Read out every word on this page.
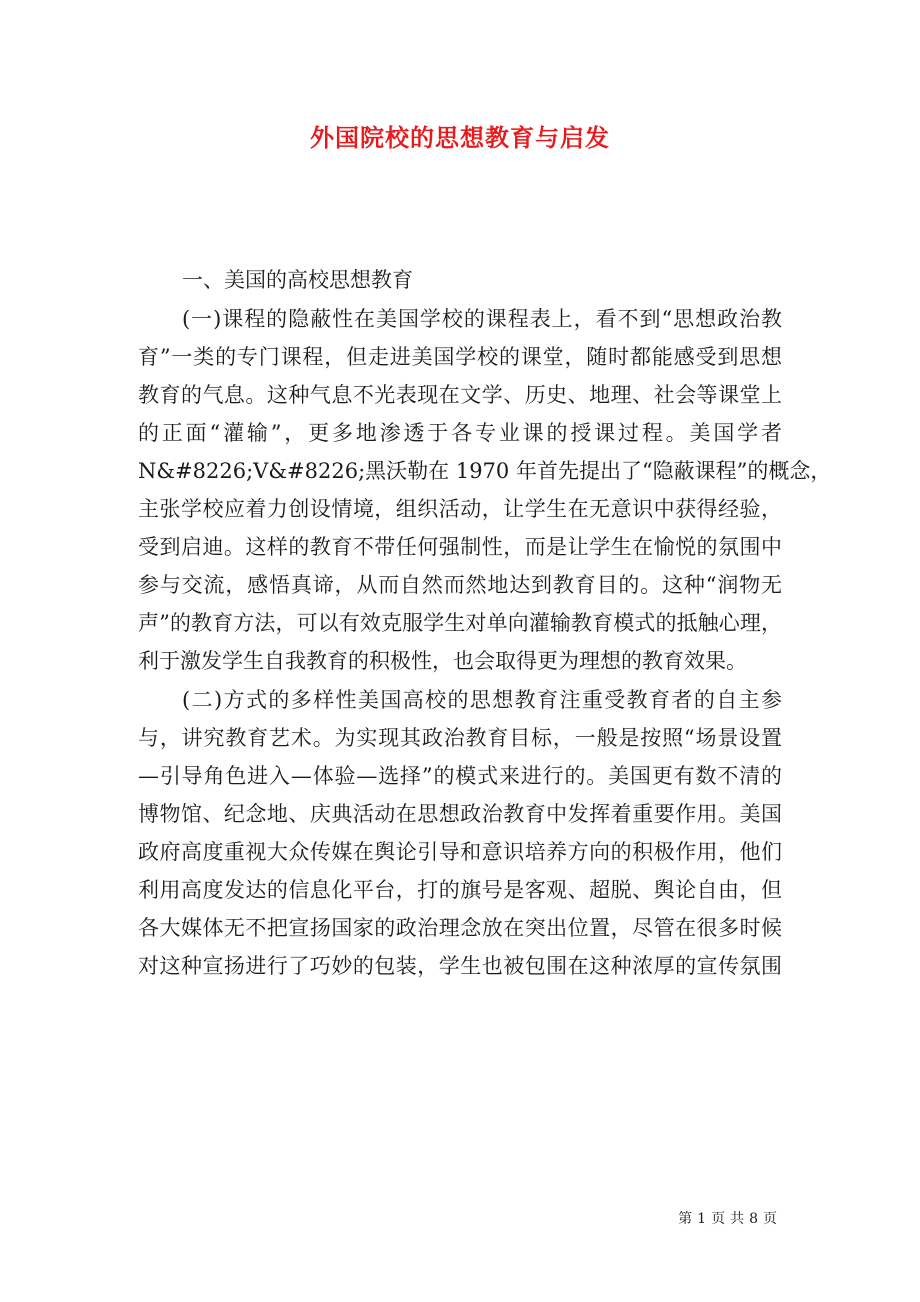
外国院校的思想教育与启发

一、美国的高校思想教育

(一)课程的隐蔽性在美国学校的课程表上，看不到“思想政治教
育”一类的专门课程，但走进美国学校的课堂，随时都能感受到思想
教育的气息。这种气息不光表现在文学、历史、地理、社会等课堂上
的正面“灌输”，更多地渗透于各专业课的授课过程。美国学者
N&#8226;V&#8226;黑沃勒在 1970 年首先提出了“隐蔽课程”的概念，
主张学校应着力创设情境，组织活动，让学生在无意识中获得经验，
受到启迪。这样的教育不带任何强制性，而是让学生在愉悦的氛围中
参与交流，感悟真谛，从而自然而然地达到教育目的。这种“润物无
声”的教育方法，可以有效克服学生对单向灌输教育模式的抵触心理，
利于激发学生自我教育的积极性，也会取得更为理想的教育效果。
(二)方式的多样性美国高校的思想教育注重受教育者的自主参
与，讲究教育艺术。为实现其政治教育目标，一般是按照“场景设置
—引导角色进入—体验—选择”的模式来进行的。美国更有数不清的
博物馆、纪念地、庆典活动在思想政治教育中发挥着重要作用。美国
政府高度重视大众传媒在舆论引导和意识培养方向的积极作用，他们
利用高度发达的信息化平台，打的旗号是客观、超脱、舆论自由，但
各大媒体无不把宣扬国家的政治理念放在突出位置，尽管在很多时候
对这种宣扬进行了巧妙的包装，学生也被包围在这种浓厚的宣传氛围
第 1 页 共 8 页
